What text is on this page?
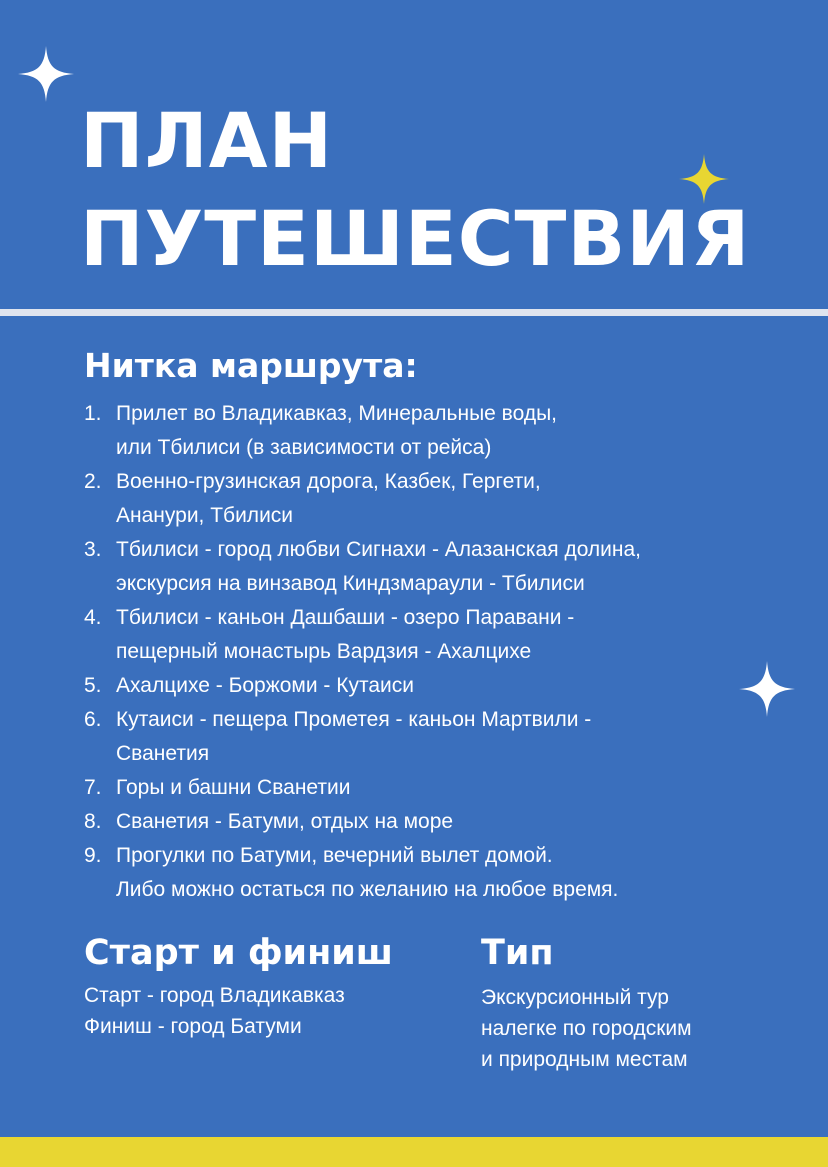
ПЛАН
ПУТЕШЕСТВИЯ
Нитка маршрута:
1. Прилет во Владикавказ, Минеральные воды,
или Тбилиси (в зависимости от рейса)
2. Военно-грузинская дорога, Казбек, Гергети,
Ананури, Тбилиси
3. Тбилиси - город любви Сигнахи - Алазанская долина,
экскурсия на винзавод Киндзмараули - Тбилиси
4. Тбилиси - каньон Дашбаши - озеро Паравани -
пещерный монастырь Вардзия - Ахалцихе
5. Ахалцихе - Боржоми - Кутаиси
6. Кутаиси - пещера Прометея - каньон Мартвили -
Сванетия
7. Горы и башни Сванетии
8. Сванетия - Батуми, отдых на море
9. Прогулки по Батуми, вечерний вылет домой.
Либо можно остаться по желанию на любое время.
Старт и финиш
Старт - город Владикавказ
Финиш - город Батуми
Тип
Экскурсионный тур
налегке по городским
и природным местам
